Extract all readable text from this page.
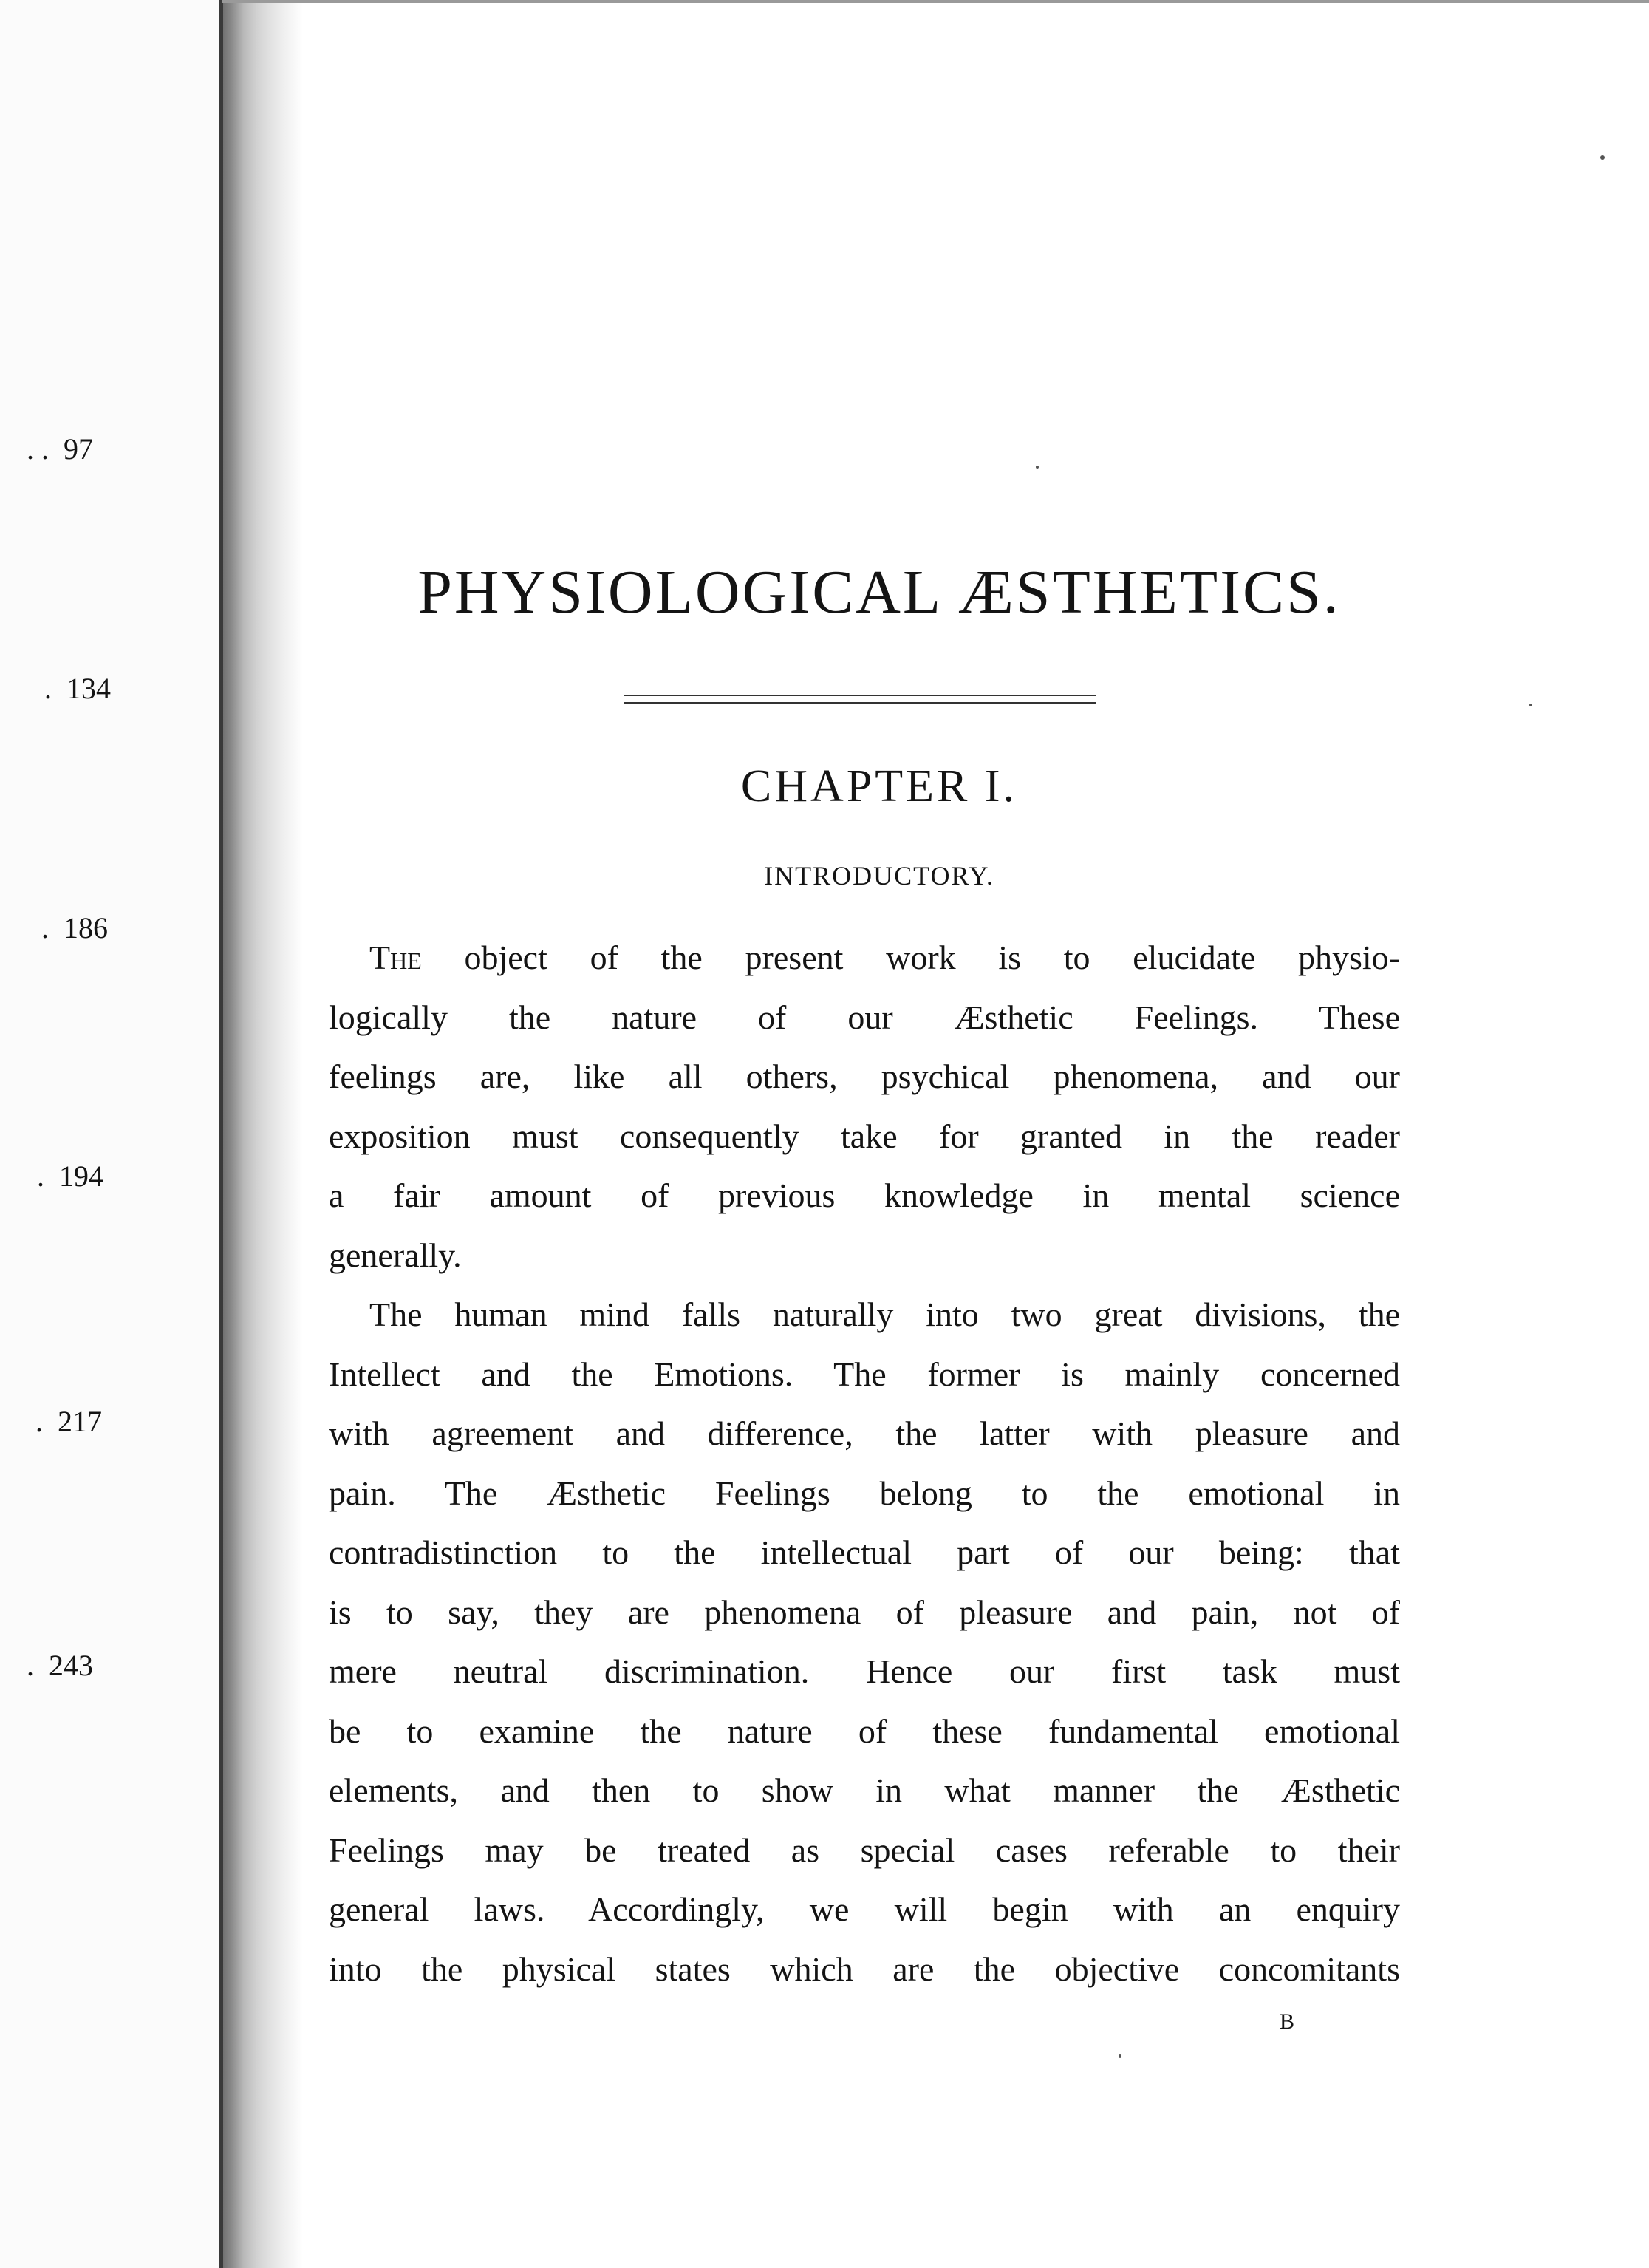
. . 97
. 134
. 186
. 194
. 217
. 243
PHYSIOLOGICAL ÆSTHETICS.
CHAPTER I.
INTRODUCTORY.
The object of the present work is to elucidate physio-
logically the nature of our Æsthetic Feelings. These
feelings are, like all others, psychical phenomena, and our
exposition must consequently take for granted in the reader
a fair amount of previous knowledge in mental science
generally.
The human mind falls naturally into two great divisions, the
Intellect and the Emotions. The former is mainly concerned
with agreement and difference, the latter with pleasure and
pain. The Æsthetic Feelings belong to the emotional in
contradistinction to the intellectual part of our being: that
is to say, they are phenomena of pleasure and pain, not of
mere neutral discrimination. Hence our first task must
be to examine the nature of these fundamental emotional
elements, and then to show in what manner the Æsthetic
Feelings may be treated as special cases referable to their
general laws. Accordingly, we will begin with an enquiry
into the physical states which are the objective concomitants
B
